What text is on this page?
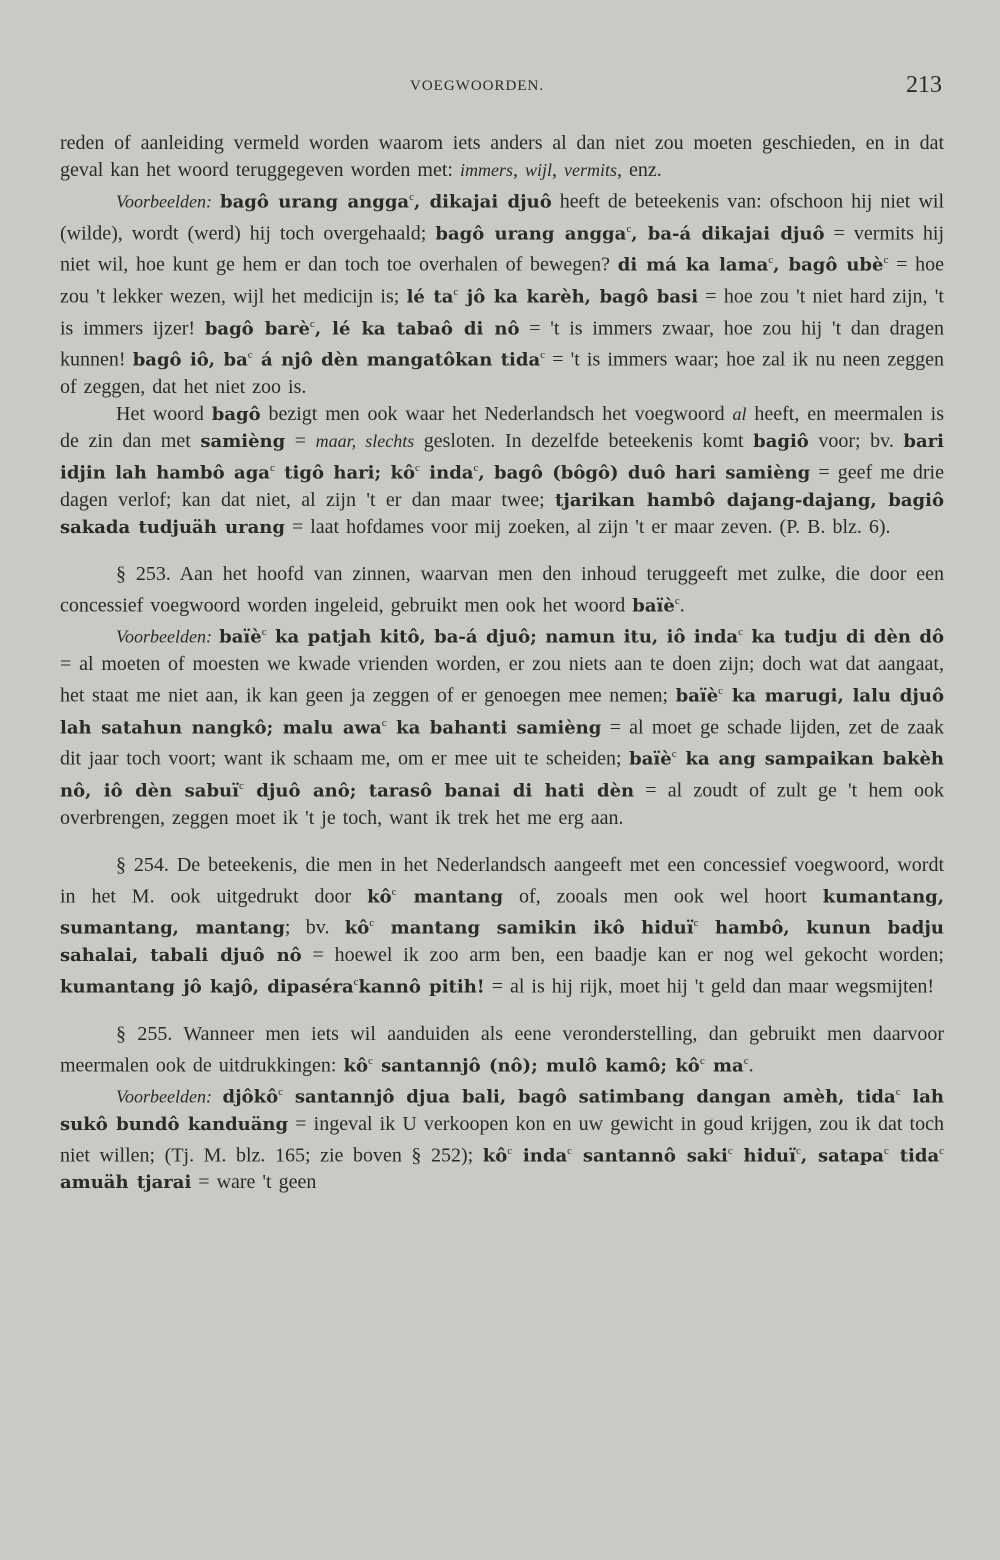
VOEGWOORDEN.	213

reden of aanleiding vermeld worden waarom iets anders al dan niet zou moeten geschieden, en in dat geval kan het woord teruggegeven worden met: immers, wijl, vermits, enz.

Voorbeelden: bagô urang angga$^c$, dikajai djuô heeft de beteekenis van: ofschoon hij niet wil (wilde), wordt (werd) hij toch overgehaald; bagô urang angga$^c$, ba-á dikajai djuô = vermits hij niet wil, hoe kunt ge hem er dan toch toe overhalen of bewegen? di má ka lama$^c$, bagô ubè$^c$ = hoe zou 't lekker wezen, wijl het medicijn is; lé $ta^c$ jô ka karèh, bagô basi = hoe zou 't niet hard zijn, 't is immers ijzer! bagô barè$^c$, lé ka tabaô di nô = 't is immers zwaar, hoe zou hij 't dan dragen kunnen! bagô iô, $ba^c$ á njô dèn mangatôkan tida$^c$ = 't is immers waar; hoe zal ik nu neen zeggen of zeggen, dat het niet zoo is.

Het woord bagô bezigt men ook waar het Nederlandsch het voegwoord al heeft, en meermalen is de zin dan met samièng = maar, slechts gesloten. In dezelfde beteekenis komt bagiô voor; bv. bari idjin lah hambô aga$^c$ tigô hari; $kô^c$ inda$^c$, bagô (bôgô) duô hari samièng = geef me drie dagen verlof; kan dat niet, al zijn 't er dan maar twee; tjarikan hambô dajang-dajang, bagiô sakada tudjuäh urang = laat hofdames voor mij zoeken, al zijn 't er maar zeven. (P. B. blz. 6).

§ 253. Aan het hoofd van zinnen, waarvan men den inhoud teruggeeft met zulke, die door een concessief voegwoord worden ingeleid, gebruikt men ook het woord baïè$^c$.

Voorbeelden: baïè$^c$ ka patjah kitô, ba-á djuô; namun itu, iô inda$^c$ ka tudju di dèn dô = al moeten of moesten we kwade vrienden worden, er zou niets aan te doen zijn; doch wat dat aangaat, het staat me niet aan, ik kan geen ja zeggen of er genoegen mee nemen; baïè$^c$ ka marugi, lalu djuô lah satahun nangkô; malu awa$^c$ ka bahanti samièng = al moet ge schade lijden, zet de zaak dit jaar toch voort; want ik schaam me, om er mee uit te scheiden; baïè$^c$ ka ang sampaikan bakèh nô, iô dèn sabuï$^c$ djuô anô; tarasô banai di hati dèn = al zoudt of zult ge 't hem ook overbrengen, zeggen moet ik 't je toch, want ik trek het me erg aan.

§ 254. De beteekenis, die men in het Nederlandsch aangeeft met een concessief voegwoord, wordt in het M. ook uitgedrukt door $kô^c$ mantang of, zooals men ook wel hoort kumantang, sumantang, mantang; bv. $kô^c$ mantang samikin ikô hiduï$^c$ hambô, kunun badju sahalai, tabali djuô nô = hoewel ik zoo arm ben, een baadje kan er nog wel gekocht worden; kumantang jô kajô, dipaséra$^c$kannô pitih! = al is hij rijk, moet hij 't geld dan maar wegsmijten!

§ 255. Wanneer men iets wil aanduiden als eene veronderstelling, dan gebruikt men daarvoor meermalen ook de uitdrukkingen: $kô^c$ santannjô (nô); mulô kamô; $kô^c$ $ma^c$.

Voorbeelden: djôkô$^c$ santannjô djua bali, bagô satimbang dangan amèh, tida$^c$ lah sukô bundô kanduäng = ingeval ik U verkoopen kon en uw gewicht in goud krijgen, zou ik dat toch niet willen; (Tj. M. blz. 165; zie boven § 252); $kô^c$ inda$^c$ santannô saki$^c$ hiduï$^c$, satapa$^c$ tida$^c$ amuäh tjarai = ware 't geen
